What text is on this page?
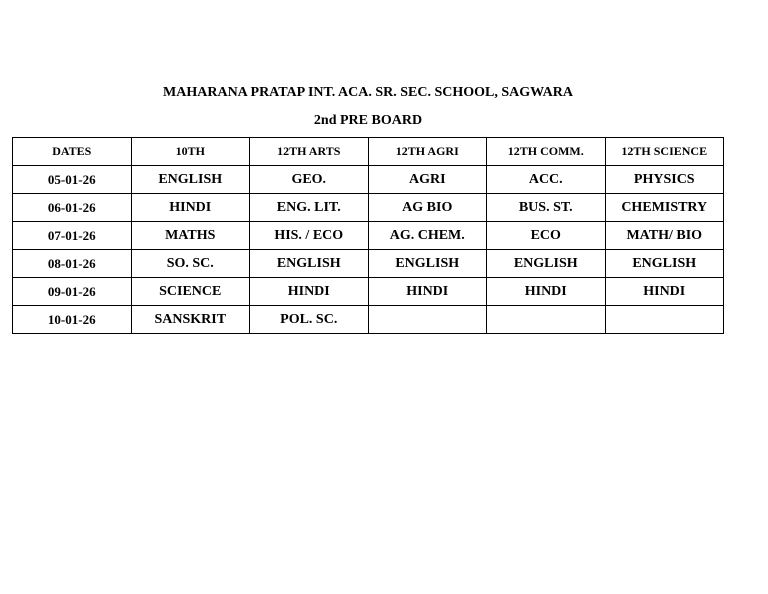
MAHARANA PRATAP INT. ACA. SR. SEC. SCHOOL, SAGWARA
2nd PRE BOARD
DATES	10TH	12TH ARTS	12TH AGRI	12TH COMM.	12TH SCIENCE
05-01-26	ENGLISH	GEO.	AGRI	ACC.	PHYSICS
06-01-26	HINDI	ENG. LIT.	AG BIO	BUS. ST.	CHEMISTRY
07-01-26	MATHS	HIS. / ECO	AG. CHEM.	ECO	MATH/ BIO
08-01-26	SO. SC.	ENGLISH	ENGLISH	ENGLISH	ENGLISH
09-01-26	SCIENCE	HINDI	HINDI	HINDI	HINDI
10-01-26	SANSKRIT	POL. SC.			
